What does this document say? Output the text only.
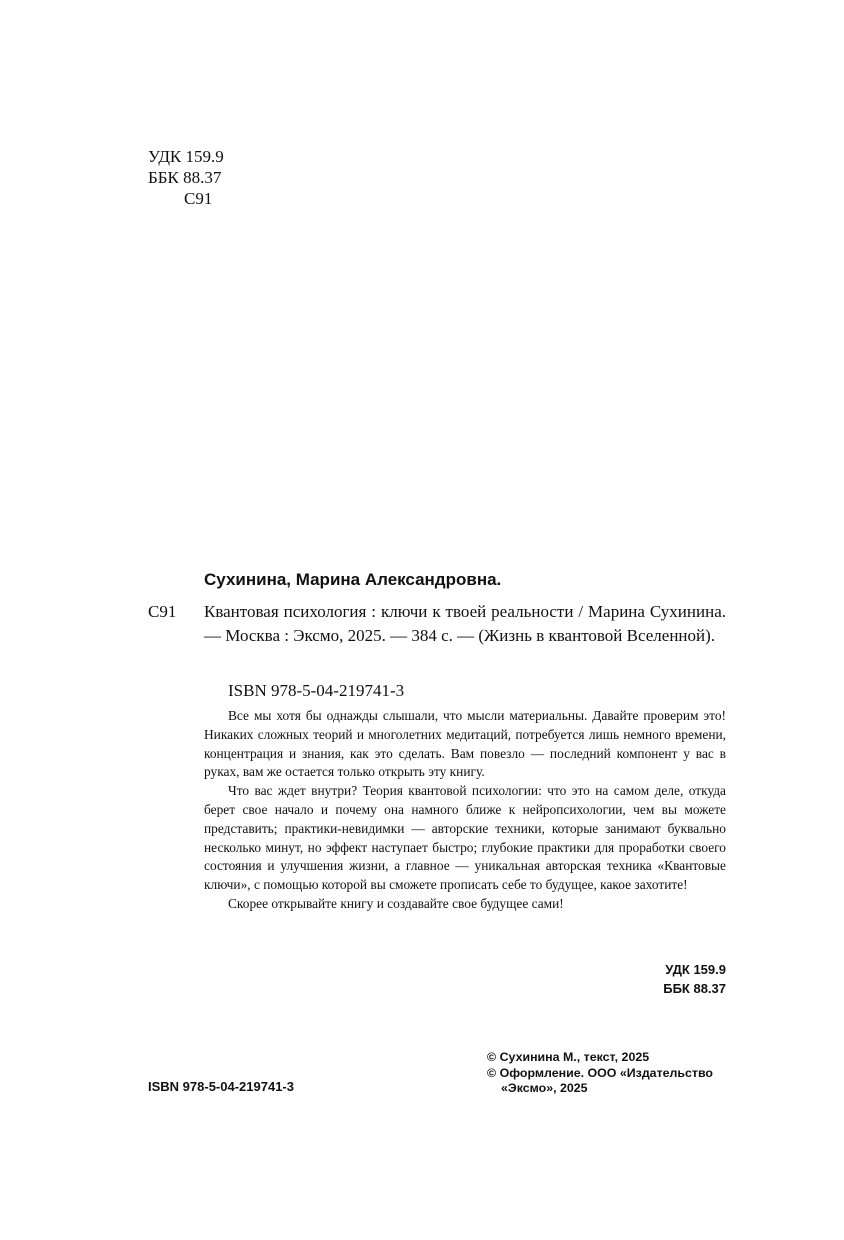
УДК 159.9
ББК 88.37
С91
Сухинина, Марина Александровна.
С91 Квантовая психология : ключи к твоей реальности / Марина Сухинина. — Москва : Эксмо, 2025. — 384 с. — (Жизнь в квантовой Вселенной).
ISBN 978-5-04-219741-3

Все мы хотя бы однажды слышали, что мысли материальны. Давайте проверим это! Никаких сложных теорий и многолетних медитаций, потребуется лишь немного времени, концентрация и знания, как это сделать. Вам повезло — последний компонент у вас в руках, вам же остается только открыть эту книгу.

Что вас ждет внутри? Теория квантовой психологии: что это на самом деле, откуда берет свое начало и почему она намного ближе к нейропсихологии, чем вы можете представить; практики-невидимки — авторские техники, которые занимают буквально несколько минут, но эффект наступает быстро; глубокие практики для проработки своего состояния и улучшения жизни, а главное — уникальная авторская техника «Квантовые ключи», с помощью которой вы сможете прописать себе то будущее, какое захотите!

Скорее открывайте книгу и создавайте свое будущее сами!

УДК 159.9
ББК 88.37
ISBN 978-5-04-219741-3
© Сухинина М., текст, 2025
© Оформление. ООО «Издательство «Эксмо», 2025
